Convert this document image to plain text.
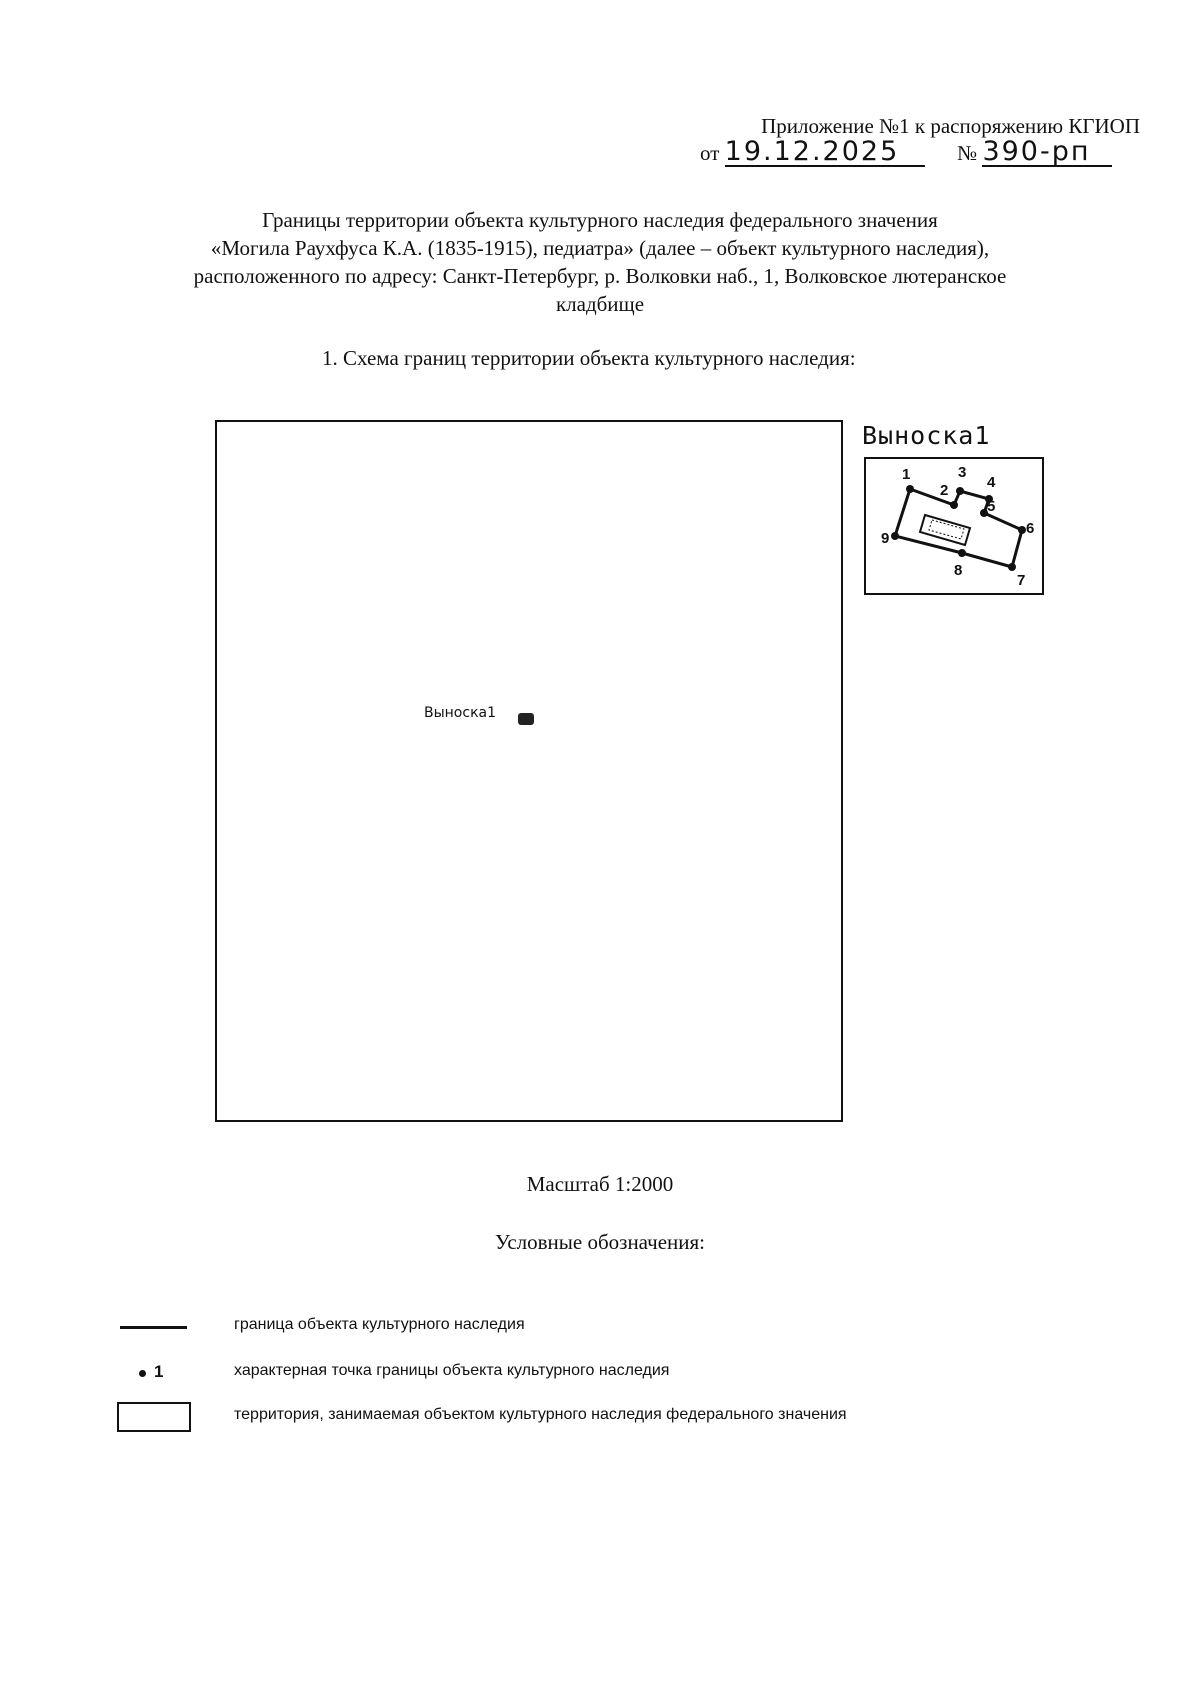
Приложение №1 к распоряжению КГИОП
от 19.12.2025	№ 390-рп
Границы территории объекта культурного наследия федерального значения
«Могила Раухфуса К.А. (1835-1915), педиатра» (далее – объект культурного наследия),
расположенного по адресу: Санкт-Петербург, р. Волковки наб., 1, Волковское лютеранское
кладбище
1. Схема границ территории объекта культурного наследия:
Выноска1
Выноска1
1
2
3
4
5
6
7
8
9
Масштаб 1:2000
Условные обозначения:
граница объекта культурного наследия
1	характерная точка границы объекта культурного наследия
территория, занимаемая объектом культурного наследия федерального значения
